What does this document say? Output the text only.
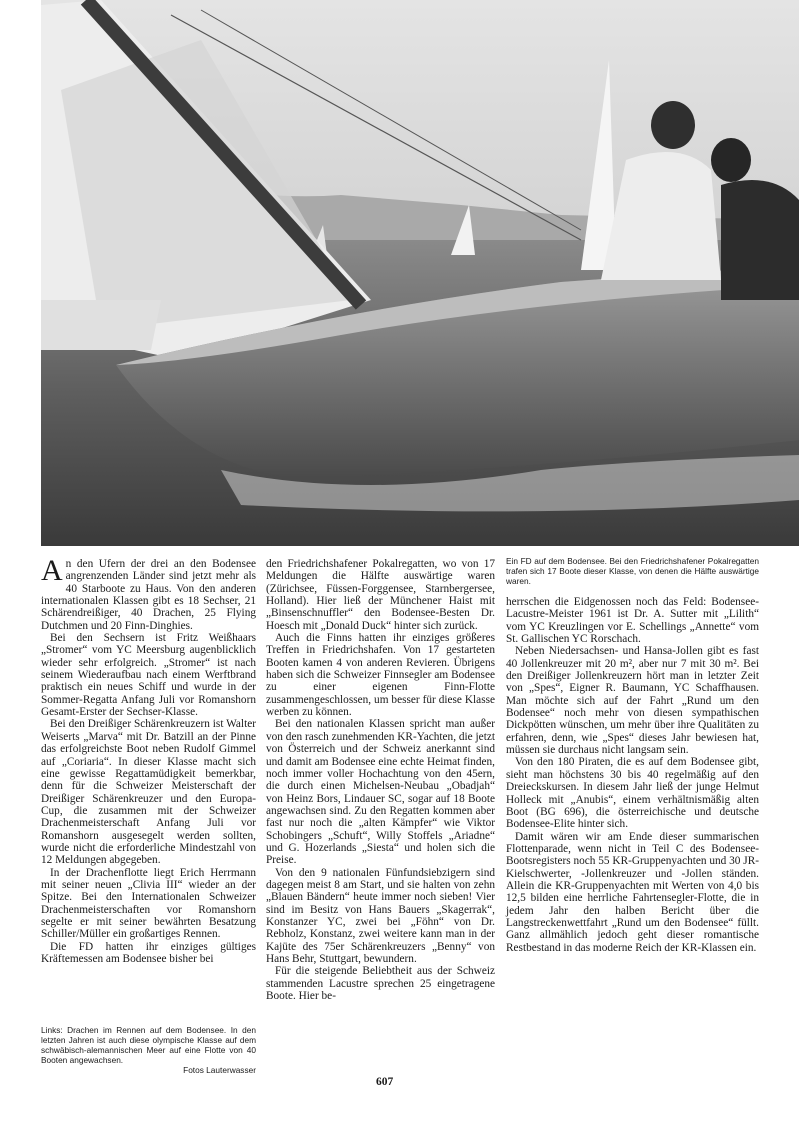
An den Ufern der drei an den Bodensee angrenzenden Länder sind jetzt mehr als 40 Starboote zu Haus. Von den anderen internationalen Klassen gibt es 18 Sechser, 21 Schärendreißiger, 40 Drachen, 25 Flying Dutchmen und 20 Finn-Dinghies.

Bei den Sechsern ist Fritz Weißhaars „Stromer“ vom YC Meersburg augenblicklich wieder sehr erfolgreich. „Stromer“ ist nach seinem Wiederaufbau nach einem Werftbrand praktisch ein neues Schiff und wurde in der Sommer-Regatta Anfang Juli vor Romanshorn Gesamt-Erster der Sechser-Klasse.

Bei den Dreißiger Schärenkreuzern ist Walter Weiserts „Marva“ mit Dr. Batzill an der Pinne das erfolgreichste Boot neben Rudolf Gimmel auf „Coriaria“. In dieser Klasse macht sich eine gewisse Regattamüdigkeit bemerkbar, denn für die Schweizer Meisterschaft der Dreißiger Schärenkreuzer und den Europa-Cup, die zusammen mit der Schweizer Drachenmeisterschaft Anfang Juli vor Romanshorn ausgesegelt werden sollten, wurde nicht die erforderliche Mindestzahl von 12 Meldungen abgegeben.

In der Drachenflotte liegt Erich Herrmann mit seiner neuen „Clivia III“ wieder an der Spitze. Bei den Internationalen Schweizer Drachenmeisterschaften vor Romanshorn segelte er mit seiner bewährten Besatzung Schiller/Müller ein großartiges Rennen.

Die FD hatten ihr einziges gültiges Kräftemessen am Bodensee bisher bei

Links: Drachen im Rennen auf dem Bodensee. In den letzten Jahren ist auch diese olympische Klasse auf dem schwäbisch-alemannischen Meer auf eine Flotte von 40 Booten angewachsen.
Fotos Lauterwasser

den Friedrichshafener Pokalregatten, wo von 17 Meldungen die Hälfte auswärtige waren (Zürichsee, Füssen-Forggensee, Starnbergersee, Holland). Hier ließ der Münchener Haist mit „Binsenschnuffler“ den Bodensee-Besten Dr. Hoesch mit „Donald Duck“ hinter sich zurück.

Auch die Finns hatten ihr einziges größeres Treffen in Friedrichshafen. Von 17 gestarteten Booten kamen 4 von anderen Revieren. Übrigens haben sich die Schweizer Finnsegler am Bodensee zu einer eigenen Finn-Flotte zusammengeschlossen, um besser für diese Klasse werben zu können.

Bei den nationalen Klassen spricht man außer von den rasch zunehmenden KR-Yachten, die jetzt von Österreich und der Schweiz anerkannt sind und damit am Bodensee eine echte Heimat finden, noch immer voller Hochachtung von den 45ern, die durch einen Michelsen-Neubau „Obadjah“ von Heinz Bors, Lindauer SC, sogar auf 18 Boote angewachsen sind. Zu den Regatten kommen aber fast nur noch die „alten Kämpfer“ wie Viktor Schobingers „Schuft“, Willy Stoffels „Ariadne“ und G. Hozerlands „Siesta“ und holen sich die Preise.

Von den 9 nationalen Fünfundsiebzigern sind dagegen meist 8 am Start, und sie halten von zehn „Blauen Bändern“ heute immer noch sieben! Vier sind im Besitz von Hans Bauers „Skagerrak“, Konstanzer YC, zwei bei „Föhn“ von Dr. Rebholz, Konstanz, zwei weitere kann man in der Kajüte des 75er Schärenkreuzers „Benny“ von Hans Behr, Stuttgart, bewundern.

Für die steigende Beliebtheit aus der Schweiz stammenden Lacustre sprechen 25 eingetragene Boote. Hier be-

Ein FD auf dem Bodensee. Bei den Friedrichshafener Pokalregatten trafen sich 17 Boote dieser Klasse, von denen die Hälfte auswärtige waren.

herrschen die Eidgenossen noch das Feld: Bodensee-Lacustre-Meister 1961 ist Dr. A. Sutter mit „Lilith“ vom YC Kreuzlingen vor E. Schellings „Annette“ vom St. Gallischen YC Rorschach.

Neben Niedersachsen- und Hansa-Jollen gibt es fast 40 Jollenkreuzer mit 20 m², aber nur 7 mit 30 m². Bei den Dreißiger Jollenkreuzern hört man in letzter Zeit von „Spes“, Eigner R. Baumann, YC Schaffhausen. Man möchte sich auf der Fahrt „Rund um den Bodensee“ noch mehr von diesen sympathischen Dickpötten wünschen, um mehr über ihre Qualitäten zu erfahren, denn, wie „Spes“ dieses Jahr bewiesen hat, müssen sie durchaus nicht langsam sein.

Von den 180 Piraten, die es auf dem Bodensee gibt, sieht man höchstens 30 bis 40 regelmäßig auf den Dreieckskursen. In diesem Jahr ließ der junge Helmut Holleck mit „Anubis“, einem verhältnismäßig alten Boot (BG 696), die österreichische und deutsche Bodensee-Elite hinter sich.

Damit wären wir am Ende dieser summarischen Flottenparade, wenn nicht in Teil C des Bodensee-Bootsregisters noch 55 KR-Gruppenyachten und 30 JR-Kielschwerter, -Jollenkreuzer und -Jollen ständen. Allein die KR-Gruppenyachten mit Werten von 4,0 bis 12,5 bilden eine herrliche Fahrtensegler-Flotte, die in jedem Jahr den halben Bericht über die Langstreckenwettfahrt „Rund um den Bodensee“ füllt. Ganz allmählich jedoch geht dieser romantische Restbestand in das moderne Reich der KR-Klassen ein.

607
